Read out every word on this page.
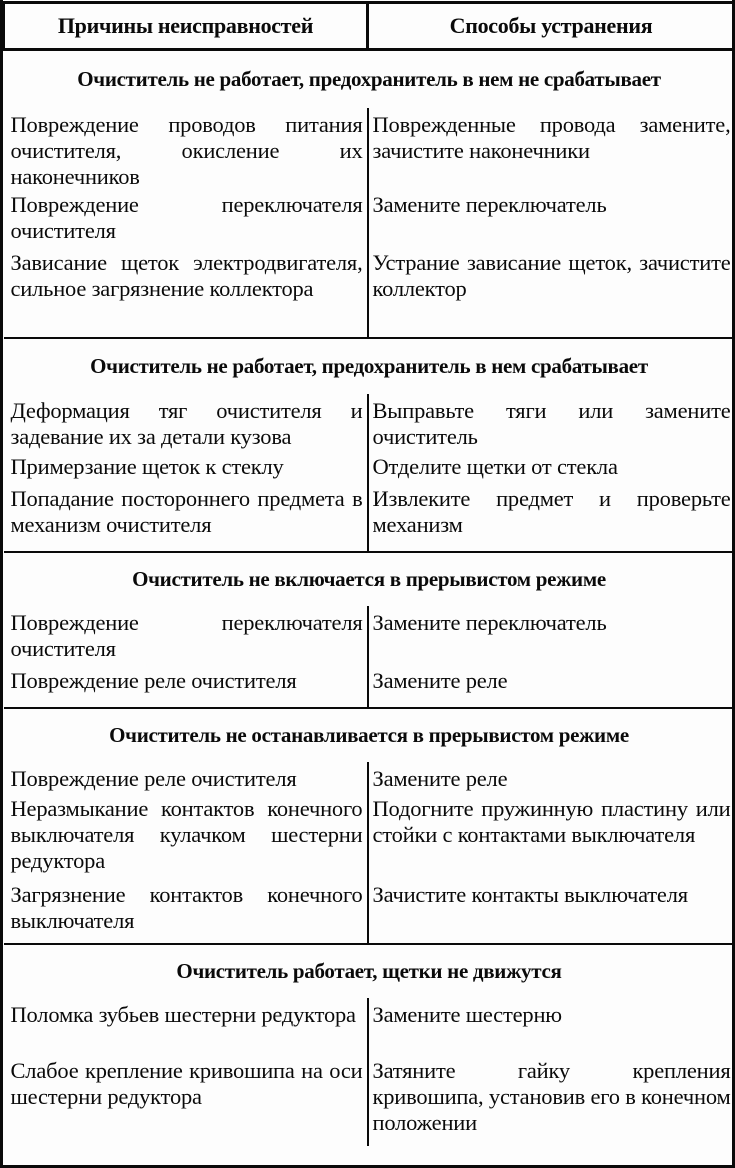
Причины неисправностей	Способы устранения
Очиститель не работает, предохранитель в нем не срабатывает	
Повреждение проводов питания очистителя, окисление их наконечников	Поврежденные провода замените, зачистите наконечники
Повреждение переключателя очистителя	Замените переключатель
Зависание щеток электродвигателя, сильное загрязнение коллектора	Устрание зависание щеток, зачистите коллектор
Очиститель не работает, предохранитель в нем срабатывает	
Деформация тяг очистителя и задевание их за детали кузова	Выправьте тяги или замените очиститель
Примерзание щеток к стеклу	Отделите щетки от стекла
Попадание постороннего предмета в механизм очистителя	Извлеките предмет и проверьте механизм
Очиститель не включается в прерывистом режиме	
Повреждение переключателя очистителя	Замените переключатель
Повреждение реле очистителя	Замените реле
Очиститель не останавливается в прерывистом режиме	
Повреждение реле очистителя	Замените реле
Неразмыкание контактов конечного выключателя кулачком шестерни редуктора	Подогните пружинную пластину или стойки с контактами выключателя
Загрязнение контактов конечного выключателя	Зачистите контакты выключателя
Очиститель работает, щетки не движутся	
Поломка зубьев шестерни редуктора	Замените шестерню
Слабое крепление кривошипа на оси шестерни редуктора	Затяните гайку крепления кривошипа, установив его в конечном положении
